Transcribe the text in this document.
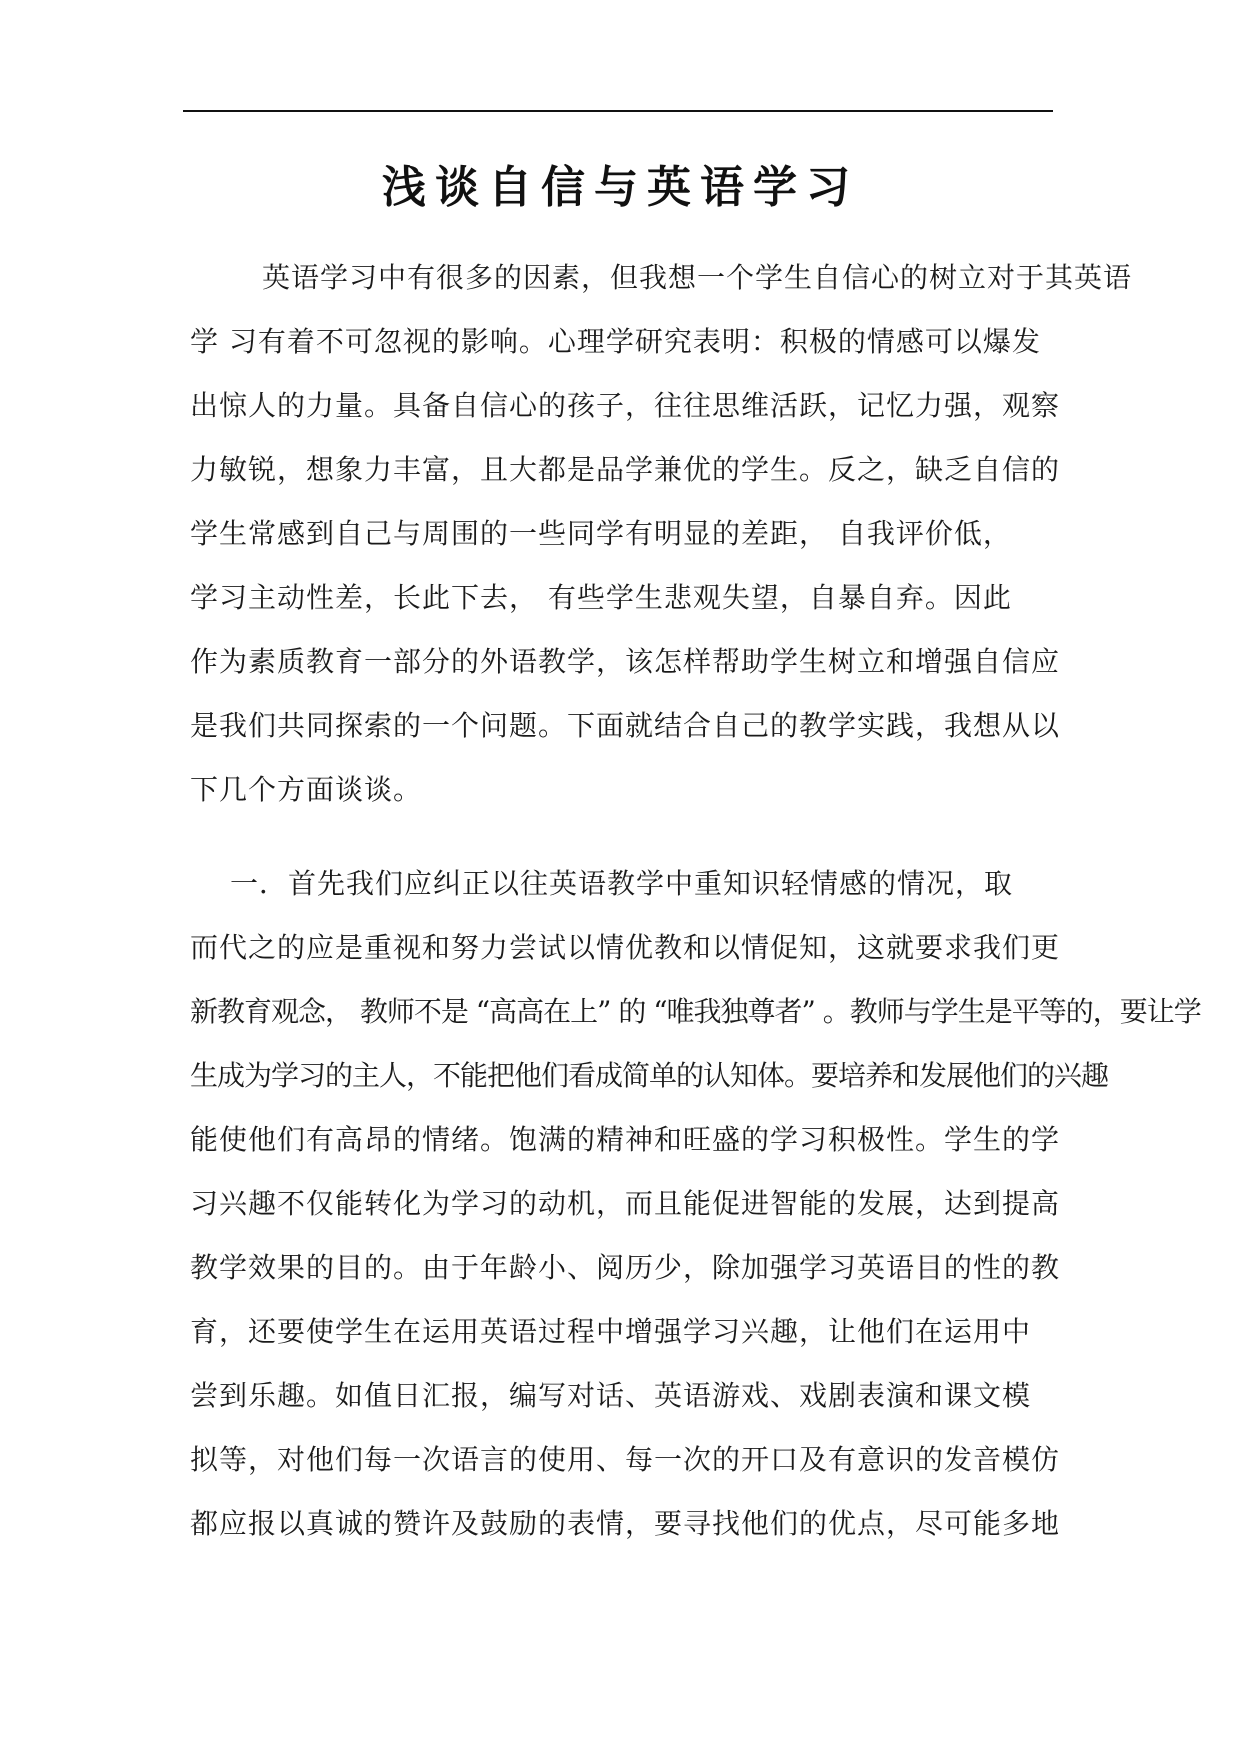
浅谈自信与英语学习
英语学习中有很多的因素，但我想一个学生自信心的树立对于其英语
学 习有着不可忽视的影响。心理学研究表明：积极的情感可以爆发
出惊人的力量。具备自信心的孩子，往往思维活跃，记忆力强，观察
力敏锐，想象力丰富，且大都是品学兼优的学生。反之，缺乏自信的
学生常感到自己与周围的一些同学有明显的差距， 自我评价低，
学习主动性差，长此下去， 有些学生悲观失望，自暴自弃。因此
作为素质教育一部分的外语教学，该怎样帮助学生树立和增强自信应
是我们共同探索的一个问题。下面就结合自己的教学实践，我想从以
下几个方面谈谈。
一．首先我们应纠正以往英语教学中重知识轻情感的情况，取
而代之的应是重视和努力尝试以情优教和以情促知，这就要求我们更
新教育观念， 教师不是 “高高在上” 的 “唯我独尊者” 。教师与学生是平等的，要让学
生成为学习的主人，不能把他们看成简单的认知体。要培养和发展他们的兴趣
能使他们有高昂的情绪。饱满的精神和旺盛的学习积极性。学生的学
习兴趣不仅能转化为学习的动机，而且能促进智能的发展，达到提高
教学效果的目的。由于年龄小、阅历少，除加强学习英语目的性的教
育，还要使学生在运用英语过程中增强学习兴趣，让他们在运用中
尝到乐趣。如值日汇报，编写对话、英语游戏、戏剧表演和课文模
拟等，对他们每一次语言的使用、每一次的开口及有意识的发音模仿
都应报以真诚的赞许及鼓励的表情，要寻找他们的优点，尽可能多地
